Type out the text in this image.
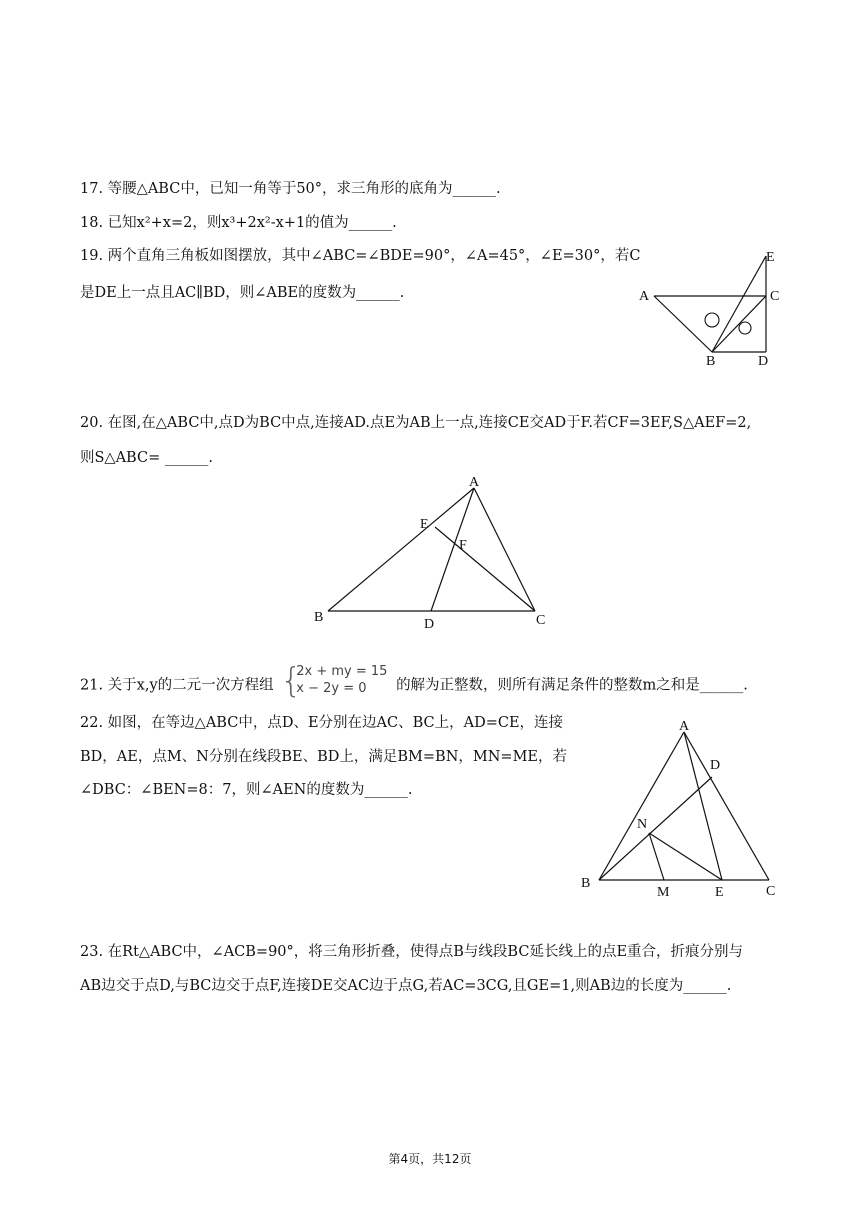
17. 等腰△ABC中，已知一角等于50°，求三角形的底角为______.
18. 已知x²+x=2，则x³+2x²-x+1的值为______.
19. 两个直角三角板如图摆放，其中∠ABC=∠BDE=90°，∠A=45°，∠E=30°，若C
是DE上一点且AC∥BD，则∠ABE的度数为______.	A
B
C
D
E
20. 在图,在△ABC中,点D为BC中点,连接AD.点E为AB上一点,连接CE交AD于F.若CF=3EF,S△AEF=2,
则S△ABC= ______.
A
B	C
D
E
F
21. 关于x,y的二元一次方程组 {
2x + my = 15
x − 2y = 0	的解为正整数，则所有满足条件的整数m之和是______.
22. 如图，在等边△ABC中，点D、E分别在边AC、BC上，AD=CE，连接
BD，AE，点M、N分别在线段BE、BD上，满足BM=BN，MN=ME，若
∠DBC：∠BEN=8：7，则∠AEN的度数为______.
A
B
C
D
E
M
N
23. 在Rt△ABC中，∠ACB=90°，将三角形折叠，使得点B与线段BC延长线上的点E重合，折痕分别与
AB边交于点D,与BC边交于点F,连接DE交AC边于点G,若AC=3CG,且GE=1,则AB边的长度为______.
第4页，共12页
